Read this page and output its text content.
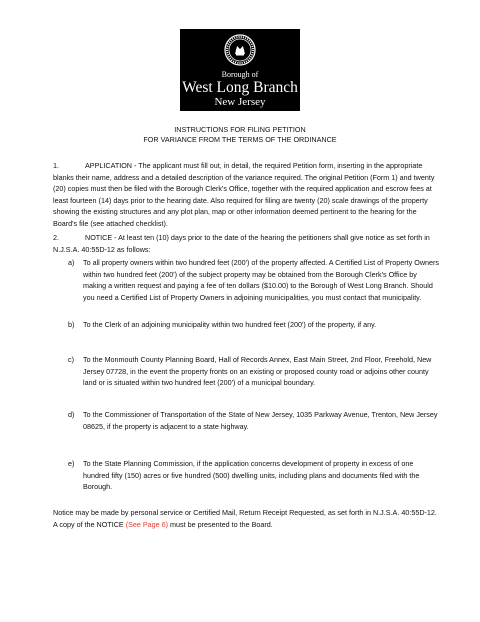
Borough of
West Long Branch
New Jersey
INSTRUCTIONS FOR FILING PETITION
FOR VARIANCE FROM THE TERMS OF THE ORDINANCE

1.	APPLICATION - The applicant must fill out, in detail, the required Petition form, inserting in the appropriate blanks their name, address and a detailed description of the variance required. The original Petition (Form 1) and twenty (20) copies must then be filed with the Borough Clerk's Office, together with the required application and escrow fees at least fourteen (14) days prior to the hearing date. Also required for filing are twenty (20) scale drawings of the property showing the existing structures and any plot plan, map or other information deemed pertinent to the hearing for the Board's file (see attached checklist).

2.	NOTICE - At least ten (10) days prior to the date of the hearing the petitioners shall give notice as set forth in N.J.S.A. 40:55D-12 as follows:

a) To all property owners within two hundred feet (200') of the property affected. A Certified List of Property Owners within two hundred feet (200') of the subject property may be obtained from the Borough Clerk's Office by making a written request and paying a fee of ten dollars ($10.00) to the Borough of West Long Branch. Should you need a Certified List of Property Owners in adjoining municipalities, you must contact that municipality.
b) To the Clerk of an adjoining municipality within two hundred feet (200') of the property, if any.
c) To the Monmouth County Planning Board, Hall of Records Annex, East Main Street, 2nd Floor, Freehold, New Jersey 07728, in the event the property fronts on an existing or proposed county road or adjoins other county land or is situated within two hundred feet (200') of a municipal boundary.
d) To the Commissioner of Transportation of the State of New Jersey, 1035 Parkway Avenue, Trenton, New Jersey 08625, if the property is adjacent to a state highway.
e) To the State Planning Commission, if the application concerns development of property in excess of one hundred fifty (150) acres or five hundred (500) dwelling units, including plans and documents filed with the Borough.

Notice may be made by personal service or Certified Mail, Return Receipt Requested, as set forth in N.J.S.A. 40:55D-12. A copy of the NOTICE (See Page 6) must be presented to the Board.
